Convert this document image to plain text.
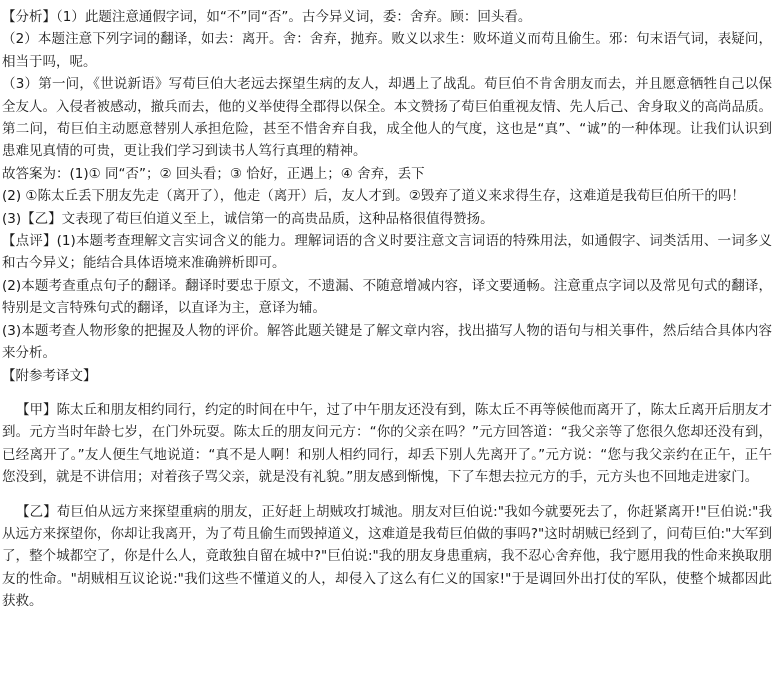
【分析】（1）此题注意通假字词，如“不”同“否”。古今异义词，委：舍弃。顾：回头看。

（2）本题注意下列字词的翻译，如去：离开。舍：舍弃，抛弃。败义以求生：败坏道义而苟且偷生。邪：句末语气词，表疑问，相当于吗，呢。

（3）第一问，《世说新语》写荀巨伯大老远去探望生病的友人，却遇上了战乱。荀巨伯不肯舍朋友而去，并且愿意牺牲自己以保全友人。入侵者被感动，撤兵而去，他的义举使得全郡得以保全。本文赞扬了荀巨伯重视友情、先人后己、舍身取义的高尚品质。第二问，荀巨伯主动愿意替别人承担危险，甚至不惜舍弃自我，成全他人的气度，这也是“真”、“诚”的一种体现。让我们认识到患难见真情的可贵，更让我们学习到读书人笃行真理的精神。

故答案为：(1)① 同“否”；② 回头看；③ 恰好，正遇上；④ 舍弃，丢下

(2) ①陈太丘丢下朋友先走（离开了），他走（离开）后，友人才到。②毁弃了道义来求得生存，这难道是我荀巨伯所干的吗！

(3)【乙】文表现了荀巨伯道义至上，诚信第一的高贵品质，这种品格很值得赞扬。

【点评】(1)本题考查理解文言实词含义的能力。理解词语的含义时要注意文言词语的特殊用法，如通假字、词类活用、一词多义和古今异义；能结合具体语境来准确辨析即可。

(2)本题考查重点句子的翻译。翻译时要忠于原文，不遗漏、不随意增减内容，译文要通畅。注意重点字词以及常见句式的翻译，特别是文言特殊句式的翻译，以直译为主，意译为辅。

(3)本题考查人物形象的把握及人物的评价。解答此题关键是了解文章内容，找出描写人物的语句与相关事件，然后结合具体内容来分析。

【附参考译文】

【甲】陈太丘和朋友相约同行，约定的时间在中午，过了中午朋友还没有到，陈太丘不再等候他而离开了，陈太丘离开后朋友才到。元方当时年龄七岁，在门外玩耍。陈太丘的朋友问元方：“你的父亲在吗？”元方回答道：“我父亲等了您很久您却还没有到，已经离开了。”友人便生气地说道：“真不是人啊！和别人相约同行，却丢下别人先离开了。”元方说：“您与我父亲约在正午，正午您没到，就是不讲信用；对着孩子骂父亲，就是没有礼貌。”朋友感到惭愧，下了车想去拉元方的手，元方头也不回地走进家门。

【乙】荀巨伯从远方来探望重病的朋友，正好赶上胡贼攻打城池。朋友对巨伯说:"我如今就要死去了，你赶紧离开!"巨伯说:"我从远方来探望你，你却让我离开，为了苟且偷生而毁掉道义，这难道是我荀巨伯做的事吗?"这时胡贼已经到了，问荀巨伯:"大军到了，整个城都空了，你是什么人，竟敢独自留在城中?"巨伯说:"我的朋友身患重病，我不忍心舍弃他，我宁愿用我的性命来换取朋友的性命。"胡贼相互议论说:"我们这些不懂道义的人，却侵入了这么有仁义的国家!"于是调回外出打仗的军队，使整个城都因此获救。
